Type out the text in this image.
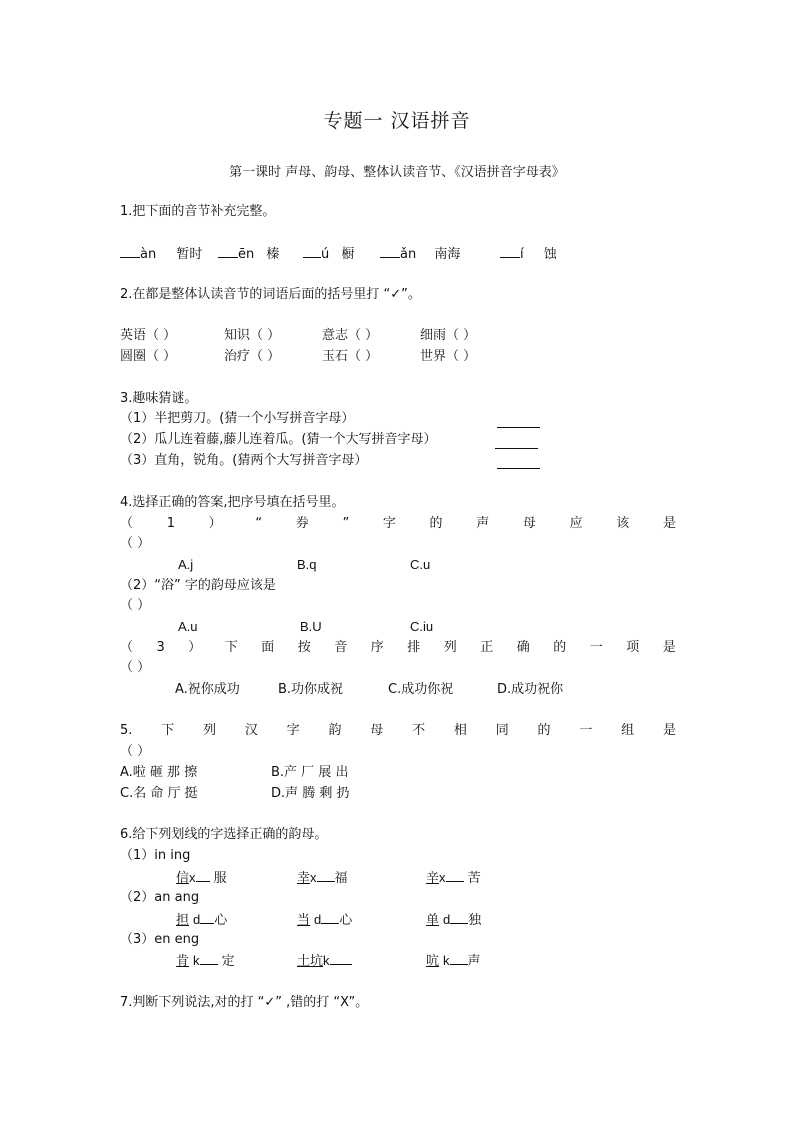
专题一 汉语拼音
第一课时 声母、韵母、整体认读音节、《汉语拼音字母表》
1.把下面的音节补充完整。
àn 暂时	ēn 榛	ú 橱	ǎn 南海	í 蚀
2.在都是整体认读音节的词语后面的括号里打 “✓”。
英语（ ）	知识（ ）	意志（ ）	细雨（ ）
圆圈（ ）	治疗（ ）	玉石（ ）	世界（ ）
3.趣味猜谜。
（1）半把剪刀。(猜一个小写拼音字母）
（2）瓜儿连着藤,藤儿连着瓜。(猜一个大写拼音字母）
（3）直角，锐角。(猜两个大写拼音字母）
4.选择正确的答案,把序号填在括号里。
（	1	）	“	券	”	字	的	声	母	应	该	是
（ ）
A.j	B.q	C.u
（2）“浴” 字的韵母应该是
（ ）
A.u	B.U	C.iu
（ 3 ） 下 面 按 音 序 排 列 正 确 的 一 项 是
（ ）
A.祝你成功	B.功你成祝	C.成功你祝	D.成功祝你
5. 下 列 汉 字 韵 母 不 相 同 的 一 组 是
（ ）
A.啦 砸 那 擦	B.产 厂 展 出
C.名 命 厅 挺	D.声 腾 剩 扔
6.给下列划线的字选择正确的韵母。
（1）in ing
信x 服	幸x 福	辛x 苦
（2）an ang
担 d 心	当 d 心	单 d 独
（3）en eng
肯 k 定	土坑k	吭 k 声
7.判断下列说法,对的打 “✓” ,错的打 “X”。
